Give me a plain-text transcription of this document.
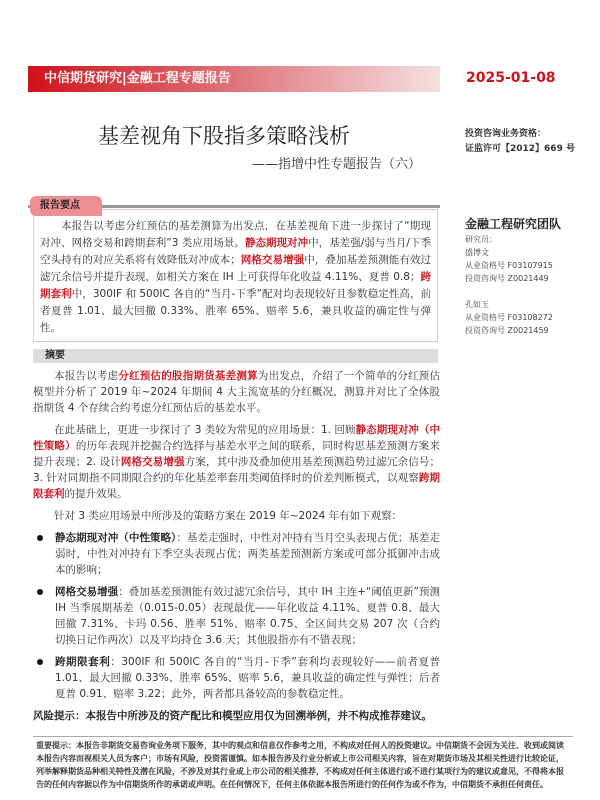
中信期货研究|金融工程专题报告	2025-01-08
基差视角下股指多策略浅析
——指增中性专题报告（六）
投资咨询业务资格：
证监许可【2012】669 号
本报告以考虑分红预估的基差测算为出发点，在基差视角下进一步探讨了“期现对冲、网格交易和跨期套利”3 类应用场景。静态期现对冲中，基差强/弱与当月/下季空头持有的对应关系将有效降低对冲成本；网格交易增强中，叠加基差预测能有效过滤冗余信号并提升表现，如相关方案在 IH 上可获得年化收益 4.11%、夏普 0.8；跨期套利中，300IF 和 500IC 各自的“当月-下季”配对均表现较好且参数稳定性高，前者夏普 1.01、最大回撤 0.33%、胜率 65%、赔率 5.6，兼具收益的确定性与弹性。
报告要点
金融工程研究团队
研究员：
盛博文
从业资格号 F03107915
投资咨询号 Z0021449
孔如玉
从业资格号 F03108272
投资咨询号 Z0021459
摘要

本报告以考虑分红预估的股指期货基差测算为出发点，介绍了一个简单的分红预估模型并分析了 2019 年~2024 年期间 4 大主流宽基的分红概况，测算并对比了全体股指期货 4 个存续合约考虑分红预估后的基差水平。

在此基础上，更进一步探讨了 3 类较为常见的应用场景：1. 回顾静态期现对冲（中性策略）的历年表现并挖掘合约选择与基差水平之间的联系，同时构思基差预测方案来提升表现；2. 设计网格交易增强方案，其中涉及叠加使用基差预测趋势过滤冗余信号；3. 针对同期指不同期限合约的年化基差率套用类阈值择时的价差判断模式，以观察跨期限套利的提升效果。

针对 3 类应用场景中所涉及的策略方案在 2019 年~2024 年有如下观察：

静态期现对冲（中性策略）：基差走强时，中性对冲持有当月空头表现占优；基差走弱时，中性对冲持有下季空头表现占优；两类基差预测新方案或可部分抵御冲击成本的影响；
网格交易增强：叠加基差预测能有效过滤冗余信号，其中 IH 主连+“阈值更新”预测 IH 当季展期基差（0.015-0.05）表现最优——年化收益 4.11%、夏普 0.8、最大回撤 7.31%、卡玛 0.56、胜率 51%、赔率 0.75、全区间共交易 207 次（合约切换日记作两次）以及平均持仓 3.6 天；其他股指亦有不错表现；
跨期限套利：300IF 和 500IC 各自的“当月-下季”套利均表现较好——前者夏普 1.01、最大回撤 0.33%、胜率 65%、赔率 5.6，兼具收益的确定性与弹性；后者夏普 0.91、赔率 3.22；此外，两者都具备较高的参数稳定性。
风险提示：本报告中所涉及的资产配比和模型应用仅为回溯举例，并不构成推荐建议。
重要提示：本报告非期货交易咨询业务项下服务，其中的观点和信息仅作参考之用，不构成对任何人的投资建议。中信期货不会因为关注、收到或阅读本报告内容而视相关人员为客户；市场有风险，投资需谨慎。如本报告涉及行业分析或上市公司相关内容，旨在对期货市场及其相关性进行比较论证，列举解释期货品种相关特性及潜在风险，不涉及对其行业或上市公司的相关推荐，不构成对任何主体进行或不进行某项行为的建议或意见，不得将本报告的任何内容据以作为中信期货所作的承诺或声明。在任何情况下，任何主体依据本报告所进行的任何作为或不作为，中信期货不承担任何责任。
